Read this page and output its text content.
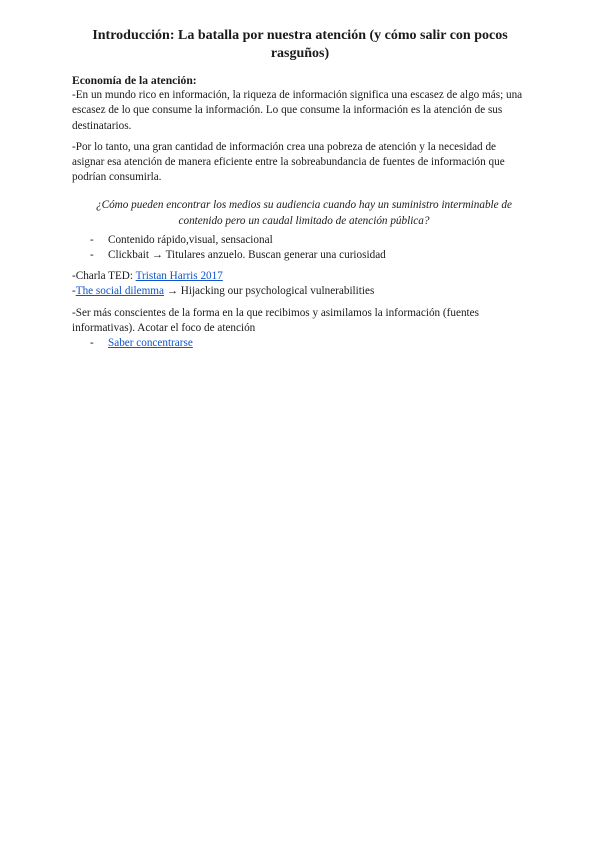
Introducción: La batalla por nuestra atención (y cómo salir con pocos rasguños)
Economía de la atención:

-En un mundo rico en información, la riqueza de información significa una escasez de algo más; una escasez de lo que consume la información. Lo que consume la información es la atención de sus destinatarios.

-Por lo tanto, una gran cantidad de información crea una pobreza de atención y la necesidad de asignar esa atención de manera eficiente entre la sobreabundancia de fuentes de información que podrían consumirla.

¿Cómo pueden encontrar los medios su audiencia cuando hay un suministro interminable de contenido pero un caudal limitado de atención pública?
- Contenido rápido,visual, sensacional
- Clickbait → Titulares anzuelo. Buscan generar una curiosidad
-Charla TED: Tristan Harris 2017
-The social dilemma → Hijacking our psychological vulnerabilities

-Ser más conscientes de la forma en la que recibimos y asimilamos la información (fuentes informativas). Acotar el foco de atención

- Saber concentrarse
